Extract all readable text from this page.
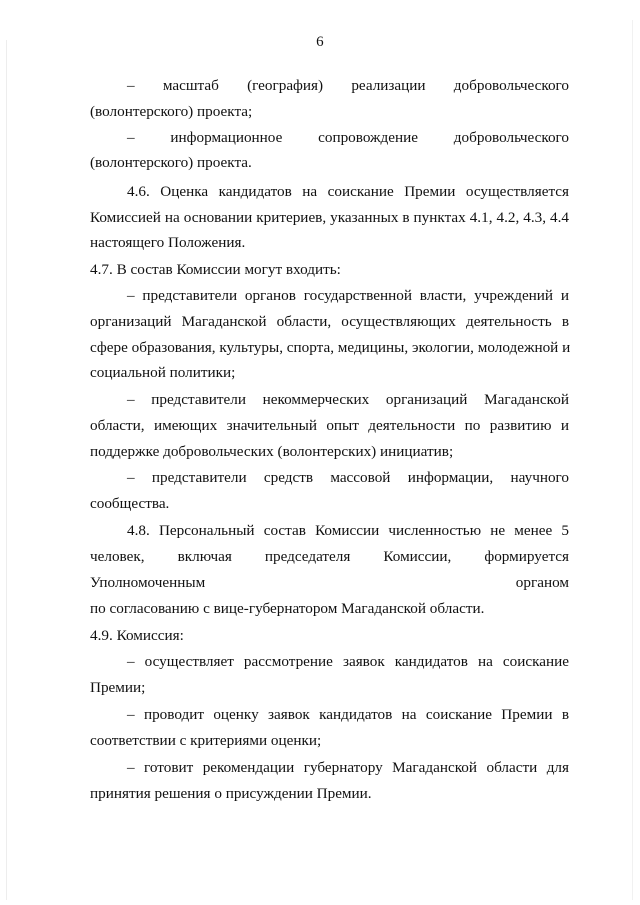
6
– масштаб (география) реализации добровольческого
(волонтерского) проекта;
– информационное сопровождение добровольческого
(волонтерского) проекта.
4.6. Оценка кандидатов на соискание Премии осуществляется
Комиссией на основании критериев, указанных в пунктах 4.1, 4.2, 4.3, 4.4
настоящего Положения.
4.7. В состав Комиссии могут входить:
– представители органов государственной власти, учреждений и
организаций Магаданской области, осуществляющих деятельность в
сфере образования, культуры, спорта, медицины, экологии, молодежной и
социальной политики;
– представители некоммерческих организаций Магаданской
области, имеющих значительный опыт деятельности по развитию и
поддержке добровольческих (волонтерских) инициатив;
– представители средств массовой информации, научного
сообщества.
4.8. Персональный состав Комиссии численностью не менее 5
человек, включая председателя Комиссии, формируется
Уполномоченным органом
по согласованию с вице-губернатором Магаданской области.
4.9. Комиссия:
– осуществляет рассмотрение заявок кандидатов на соискание
Премии;
– проводит оценку заявок кандидатов на соискание Премии в
соответствии с критериями оценки;
– готовит рекомендации губернатору Магаданской области для
принятия решения о присуждении Премии.
